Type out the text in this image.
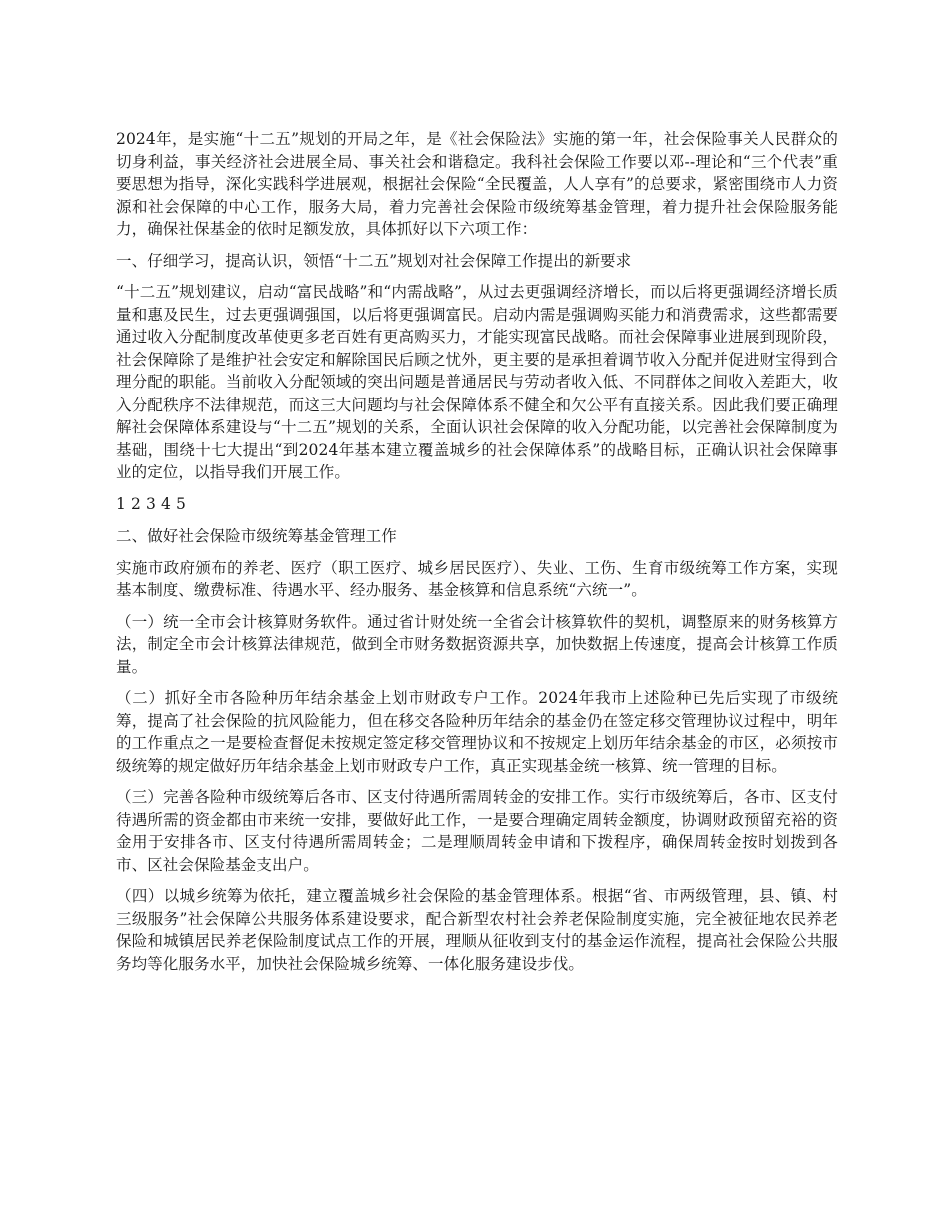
2024年，是实施“十二五”规划的开局之年，是《社会保险法》实施的第一年，社会保险事关人民群众的切身利益，事关经济社会进展全局、事关社会和谐稳定。我科社会保险工作要以邓--理论和“三个代表”重要思想为指导，深化实践科学进展观，根据社会保险“全民覆盖，人人享有”的总要求，紧密围绕市人力资源和社会保障的中心工作，服务大局，着力完善社会保险市级统筹基金管理，着力提升社会保险服务能力，确保社保基金的依时足额发放，具体抓好以下六项工作：

一、仔细学习，提高认识，领悟“十二五”规划对社会保障工作提出的新要求

“十二五”规划建议，启动“富民战略”和“内需战略”，从过去更强调经济增长，而以后将更强调经济增长质量和惠及民生，过去更强调强国，以后将更强调富民。启动内需是强调购买能力和消费需求，这些都需要通过收入分配制度改革使更多老百姓有更高购买力，才能实现富民战略。而社会保障事业进展到现阶段，社会保障除了是维护社会安定和解除国民后顾之忧外，更主要的是承担着调节收入分配并促进财宝得到合理分配的职能。当前收入分配领域的突出问题是普通居民与劳动者收入低、不同群体之间收入差距大，收入分配秩序不法律规范，而这三大问题均与社会保障体系不健全和欠公平有直接关系。因此我们要正确理解社会保障体系建设与“十二五”规划的关系，全面认识社会保障的收入分配功能，以完善社会保障制度为基础，围绕十七大提出“到2024年基本建立覆盖城乡的社会保障体系”的战略目标，正确认识社会保障事业的定位，以指导我们开展工作。

1 2 3 4 5

二、做好社会保险市级统筹基金管理工作

实施市政府颁布的养老、医疗（职工医疗、城乡居民医疗）、失业、工伤、生育市级统筹工作方案，实现基本制度、缴费标准、待遇水平、经办服务、基金核算和信息系统“六统一”。

（一）统一全市会计核算财务软件。通过省计财处统一全省会计核算软件的契机，调整原来的财务核算方法，制定全市会计核算法律规范，做到全市财务数据资源共享，加快数据上传速度，提高会计核算工作质量。

（二）抓好全市各险种历年结余基金上划市财政专户工作。2024年我市上述险种已先后实现了市级统筹，提高了社会保险的抗风险能力，但在移交各险种历年结余的基金仍在签定移交管理协议过程中，明年的工作重点之一是要检查督促未按规定签定移交管理协议和不按规定上划历年结余基金的市区，必须按市级统筹的规定做好历年结余基金上划市财政专户工作，真正实现基金统一核算、统一管理的目标。

（三）完善各险种市级统筹后各市、区支付待遇所需周转金的安排工作。实行市级统筹后，各市、区支付待遇所需的资金都由市来统一安排，要做好此工作，一是要合理确定周转金额度，协调财政预留充裕的资金用于安排各市、区支付待遇所需周转金；二是理顺周转金申请和下拨程序，确保周转金按时划拨到各市、区社会保险基金支出户。

（四）以城乡统筹为依托，建立覆盖城乡社会保险的基金管理体系。根据“省、市两级管理，县、镇、村三级服务”社会保障公共服务体系建设要求，配合新型农村社会养老保险制度实施，完全被征地农民养老保险和城镇居民养老保险制度试点工作的开展，理顺从征收到支付的基金运作流程，提高社会保险公共服务均等化服务水平，加快社会保险城乡统筹、一体化服务建设步伐。
